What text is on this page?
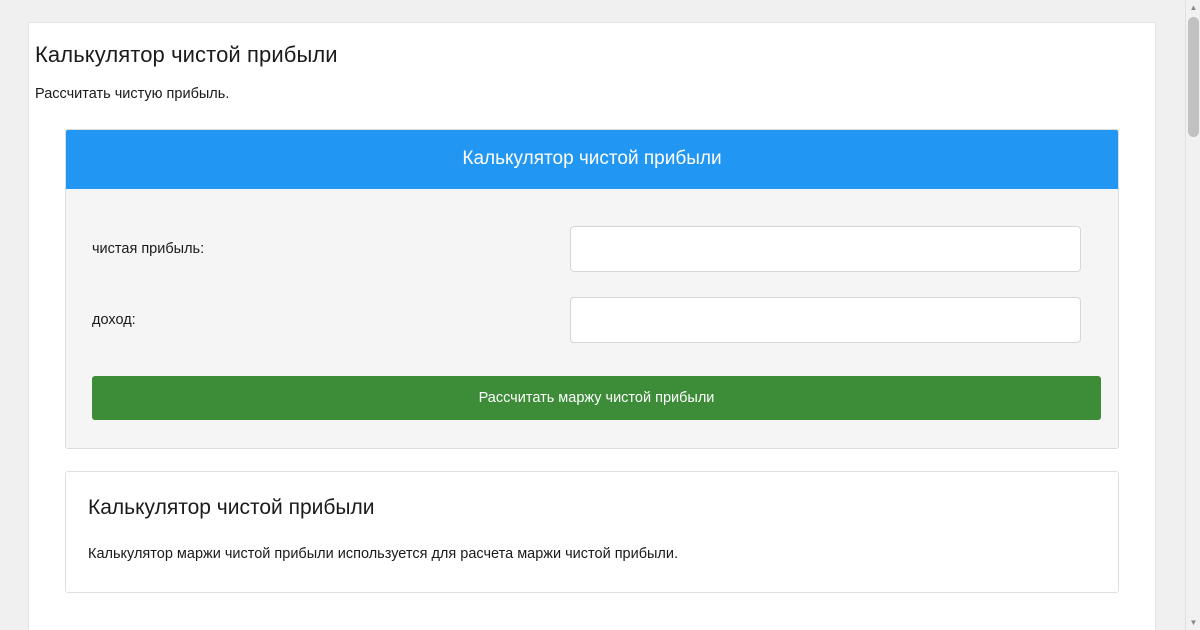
Калькулятор чистой прибыли

Рассчитать чистую прибыль.

Калькулятор чистой прибыли
чистая прибыль:
доход:
Рассчитать маржу чистой прибыли
Калькулятор чистой прибыли

Калькулятор маржи чистой прибыли используется для расчета маржи чистой прибыли.

▲
▼
